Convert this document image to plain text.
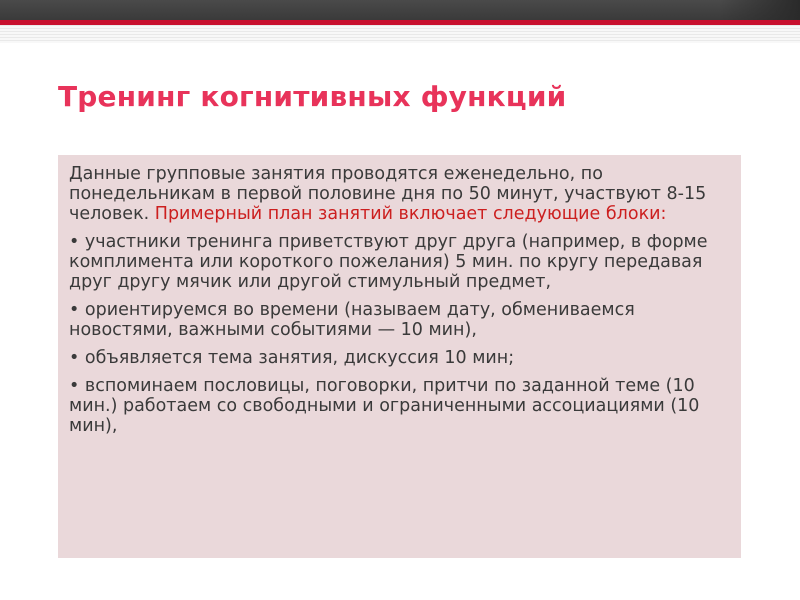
Тренинг когнитивных функций

Данные групповые занятия проводятся еженедельно, по понедельникам в первой половине дня по 50 минут, участвуют 8-15 человек. Примерный план занятий включает следующие блоки:

• участники тренинга приветствуют друг друга (например, в форме комплимента или короткого пожелания) 5 мин. по кругу передавая друг другу мячик или другой стимульный предмет,

• ориентируемся во времени (называем дату, обмениваемся новостями, важными событиями — 10 мин),

• объявляется тема занятия, дискуссия 10 мин;

• вспоминаем пословицы, поговорки, притчи по заданной теме (10 мин.) работаем со свободными и ограниченными ассоциациями (10 мин),
